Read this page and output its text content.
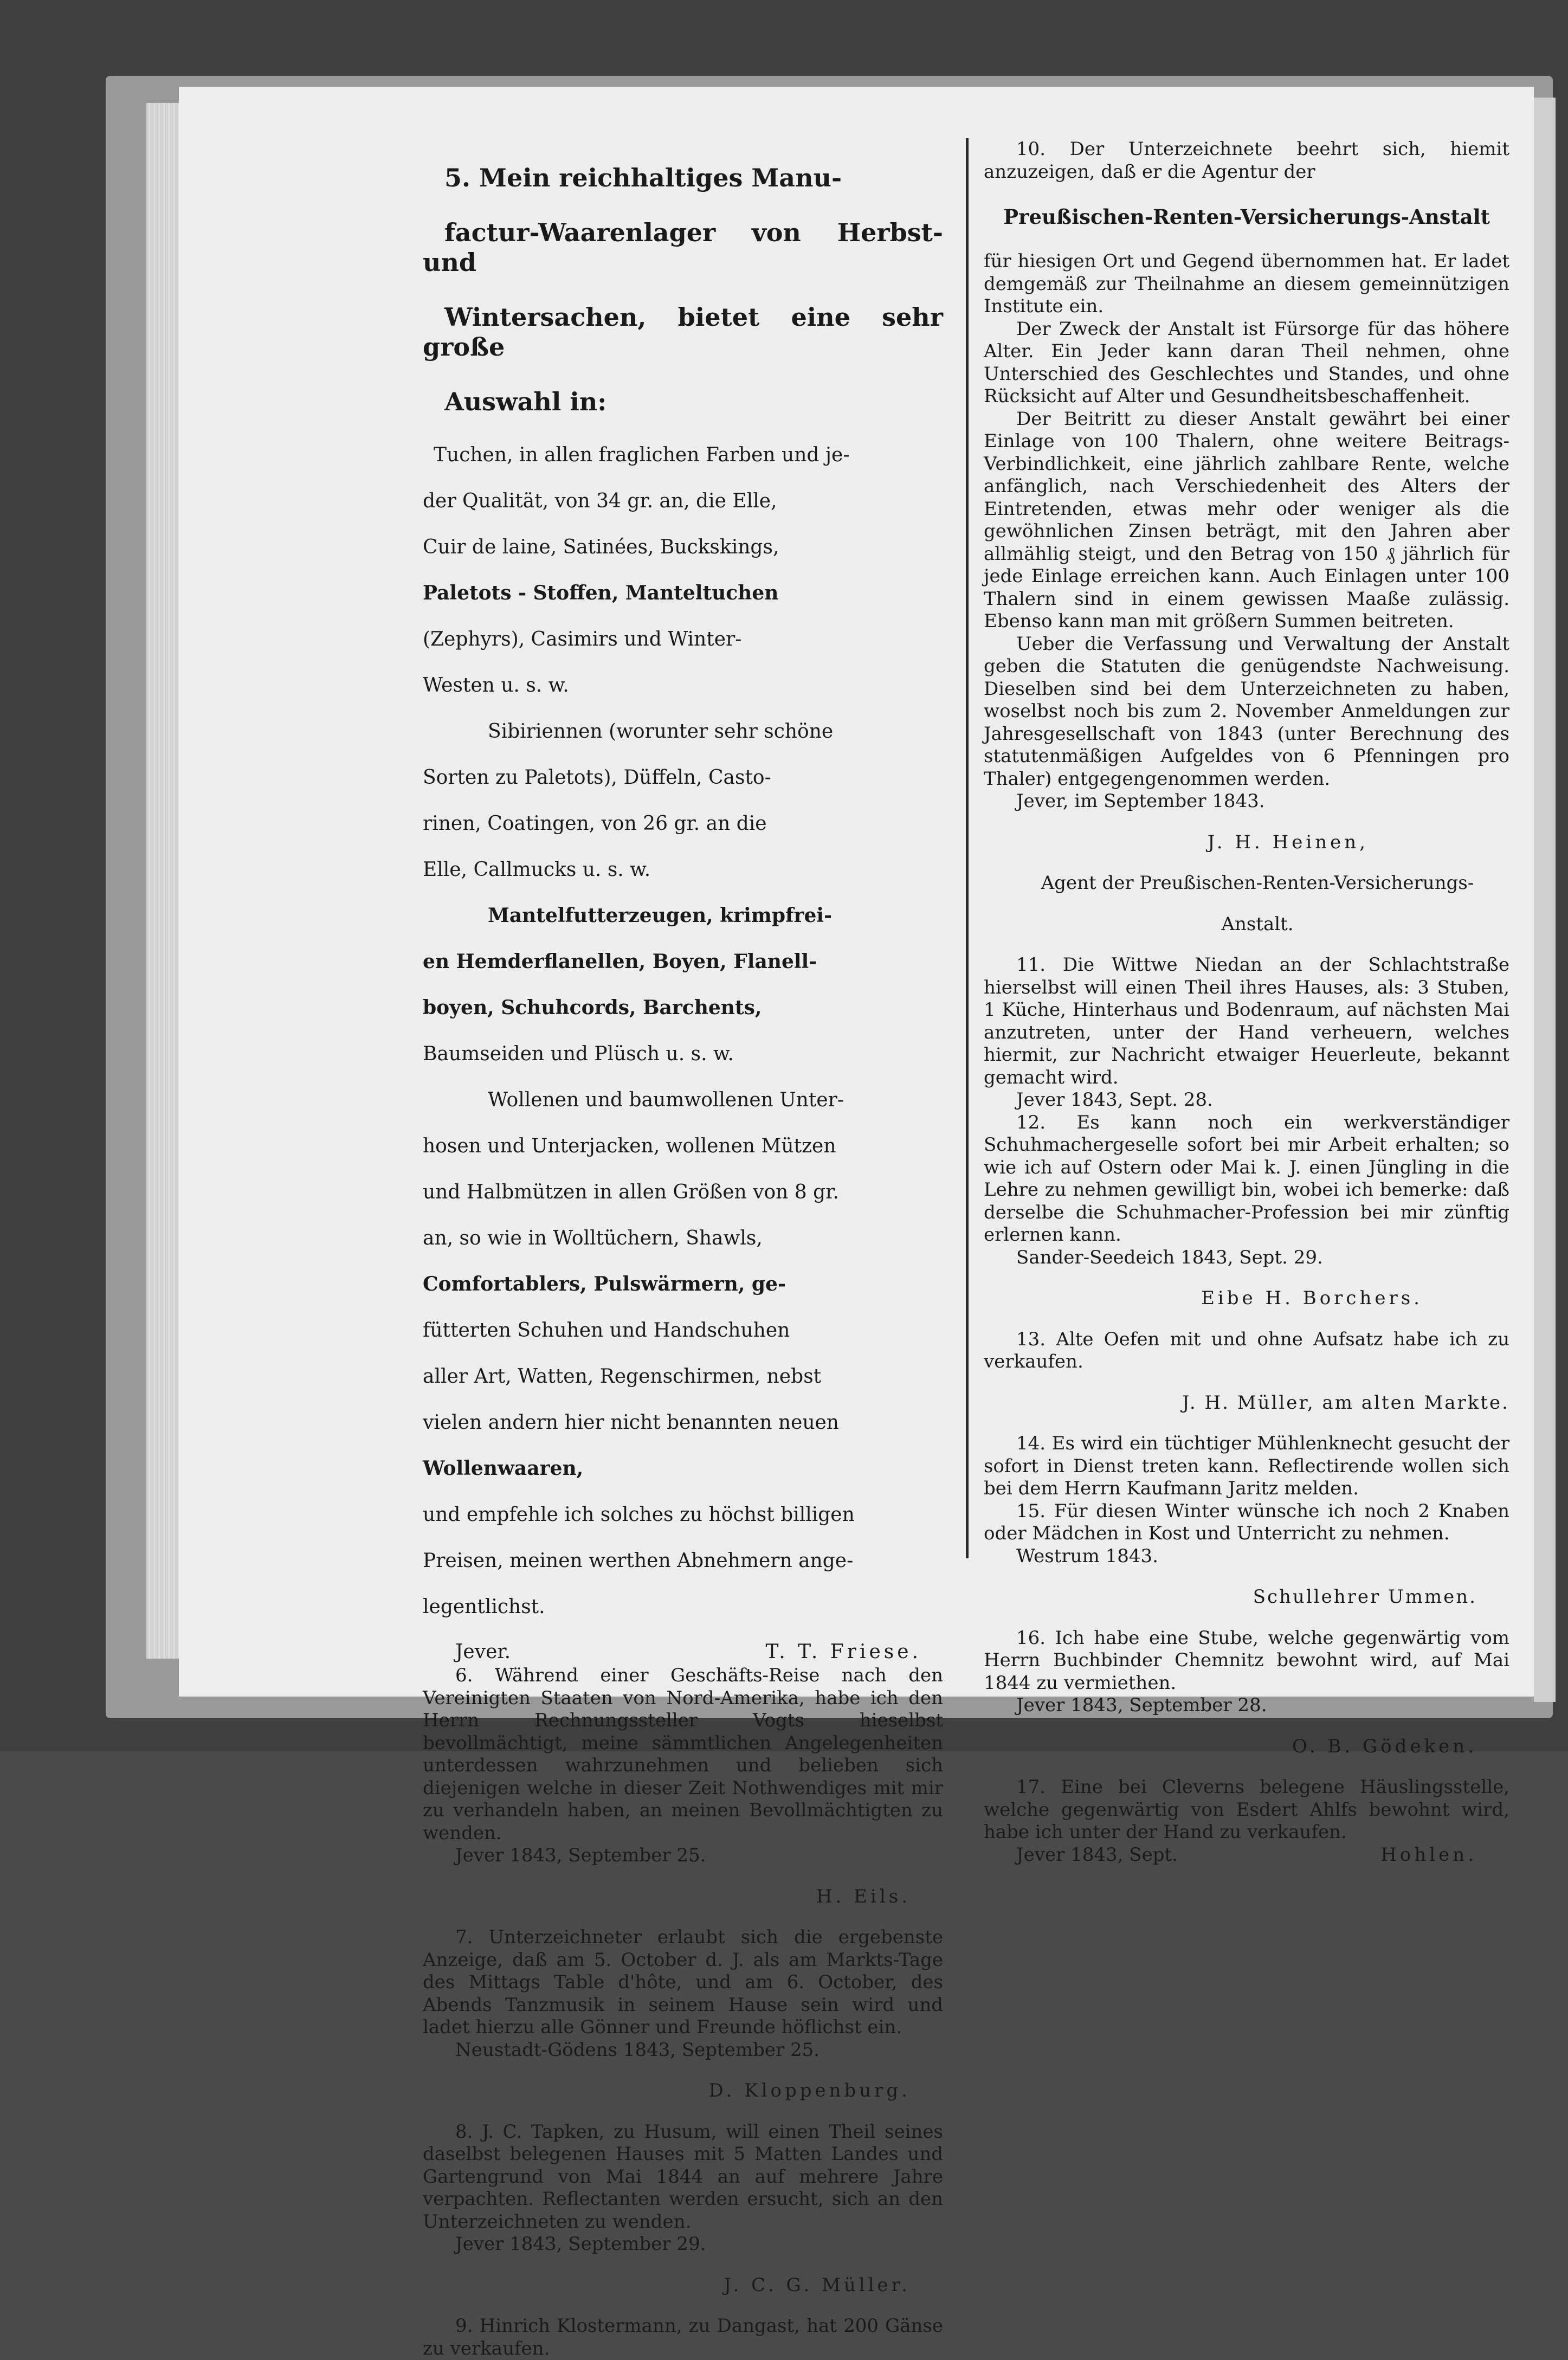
5. Mein reichhaltiges Manu-

factur-Waarenlager von Herbst- und

Wintersachen, bietet eine sehr große

Auswahl in:

Tuchen, in allen fraglichen Farben und je-

der Qualität, von 34 gr. an, die Elle,

Cuir de laine, Satinées, Buckskings,

Paletots - Stoffen, Manteltuchen

(Zephyrs), Casimirs und Winter-

Westen u. s. w.

Sibiriennen (worunter sehr schöne

Sorten zu Paletots), Düffeln, Casto-

rinen, Coatingen, von 26 gr. an die

Elle, Callmucks u. s. w.

Mantelfutterzeugen, krimpfrei-

en Hemderflanellen, Boyen, Flanell-

boyen, Schuhcords, Barchents,

Baumseiden und Plüsch u. s. w.

Wollenen und baumwollenen Unter-

hosen und Unterjacken, wollenen Mützen

und Halbmützen in allen Größen von 8 gr.

an, so wie in Wolltüchern, Shawls,

Comfortablers, Pulswärmern, ge-

fütterten Schuhen und Handschuhen

aller Art, Watten, Regenschirmen, nebst

vielen andern hier nicht benannten neuen

Wollenwaaren,

und empfehle ich solches zu höchst billigen

Preisen, meinen werthen Abnehmern ange-

legentlichst.

Jever.	T. T. Friese.

6. Während einer Geschäfts-Reise nach den Vereinigten Staaten von Nord-Amerika, habe ich den Herrn Rechnungssteller Vogts hieselbst bevollmächtigt, meine sämmtlichen Angelegenheiten unterdessen wahrzunehmen und belieben sich diejenigen welche in dieser Zeit Nothwendiges mit mir zu verhandeln haben, an meinen Bevollmächtigten zu wenden.

Jever 1843, September 25.

H. Eils.

7. Unterzeichneter erlaubt sich die ergebenste Anzeige, daß am 5. October d. J. als am Markts-Tage des Mittags Table d'hôte, und am 6. October, des Abends Tanzmusik in seinem Hause sein wird und ladet hierzu alle Gönner und Freunde höflichst ein.

Neustadt-Gödens 1843, September 25.

D. Kloppenburg.

8. J. C. Tapken, zu Husum, will einen Theil seines daselbst belegenen Hauses mit 5 Matten Landes und Gartengrund von Mai 1844 an auf mehrere Jahre verpachten. Reflectanten werden ersucht, sich an den Unterzeichneten zu wenden.

Jever 1843, September 29.

J. C. G. Müller.

9. Hinrich Klostermann, zu Dangast, hat 200 Gänse zu verkaufen.

10. Der Unterzeichnete beehrt sich, hiemit anzuzeigen, daß er die Agentur der

Preußischen-Renten-Versicherungs-Anstalt

für hiesigen Ort und Gegend übernommen hat. Er ladet demgemäß zur Theilnahme an diesem gemeinnützigen Institute ein.

Der Zweck der Anstalt ist Fürsorge für das höhere Alter. Ein Jeder kann daran Theil nehmen, ohne Unterschied des Geschlechtes und Standes, und ohne Rücksicht auf Alter und Gesundheitsbeschaffenheit.

Der Beitritt zu dieser Anstalt gewährt bei einer Einlage von 100 Thalern, ohne weitere Beitrags-Verbindlichkeit, eine jährlich zahlbare Rente, welche anfänglich, nach Verschiedenheit des Alters der Eintretenden, etwas mehr oder weniger als die gewöhnlichen Zinsen beträgt, mit den Jahren aber allmählig steigt, und den Betrag von 150 ₰ jährlich für jede Einlage erreichen kann. Auch Einlagen unter 100 Thalern sind in einem gewissen Maaße zulässig. Ebenso kann man mit größern Summen beitreten.

Ueber die Verfassung und Verwaltung der Anstalt geben die Statuten die genügendste Nachweisung. Dieselben sind bei dem Unterzeichneten zu haben, woselbst noch bis zum 2. November Anmeldungen zur Jahresgesellschaft von 1843 (unter Berechnung des statutenmäßigen Aufgeldes von 6 Pfenningen pro Thaler) entgegengenommen werden.

Jever, im September 1843.

J. H. Heinen,

Agent der Preußischen-Renten-Versicherungs-

Anstalt.

11. Die Wittwe Niedan an der Schlachtstraße hierselbst will einen Theil ihres Hauses, als: 3 Stuben, 1 Küche, Hinterhaus und Bodenraum, auf nächsten Mai anzutreten, unter der Hand verheuern, welches hiermit, zur Nachricht etwaiger Heuerleute, bekannt gemacht wird.

Jever 1843, Sept. 28.

12. Es kann noch ein werkverständiger Schuhmachergeselle sofort bei mir Arbeit erhalten; so wie ich auf Ostern oder Mai k. J. einen Jüngling in die Lehre zu nehmen gewilligt bin, wobei ich bemerke: daß derselbe die Schuhmacher-Profession bei mir zünftig erlernen kann.

Sander-Seedeich 1843, Sept. 29.

Eibe H. Borchers.

13. Alte Oefen mit und ohne Aufsatz habe ich zu verkaufen.

J. H. Müller, am alten Markte.

14. Es wird ein tüchtiger Mühlenknecht gesucht der sofort in Dienst treten kann. Reflectirende wollen sich bei dem Herrn Kaufmann Jaritz melden.

15. Für diesen Winter wünsche ich noch 2 Knaben oder Mädchen in Kost und Unterricht zu nehmen.

Westrum 1843.

Schullehrer Ummen.

16. Ich habe eine Stube, welche gegenwärtig vom Herrn Buchbinder Chemnitz bewohnt wird, auf Mai 1844 zu vermiethen.

Jever 1843, September 28.

O. B. Gödeken.

17. Eine bei Cleverns belegene Häuslingsstelle, welche gegenwärtig von Esdert Ahlfs bewohnt wird, habe ich unter der Hand zu verkaufen.

Jever 1843, Sept.	Hohlen.
